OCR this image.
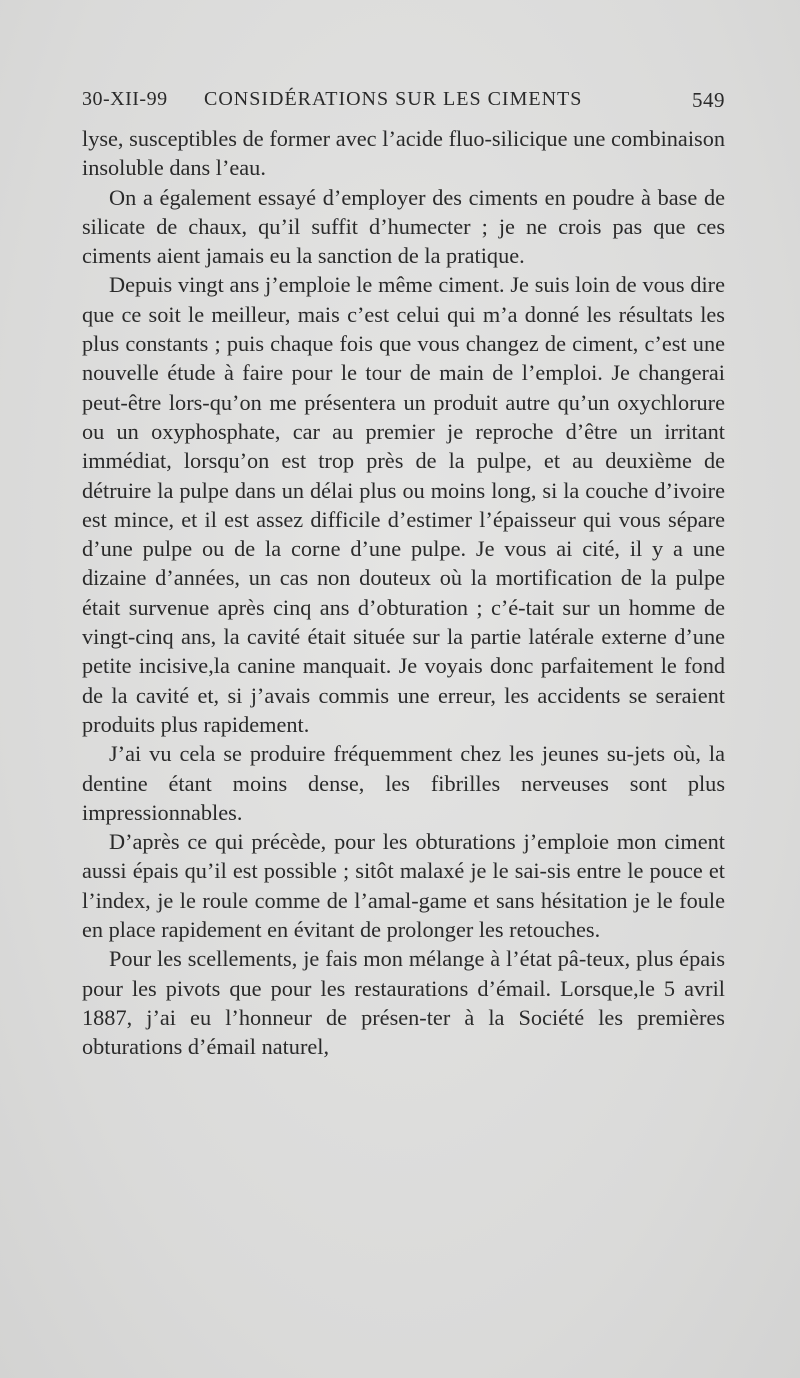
30-XII-99 CONSIDÉRATIONS SUR LES CIMENTS	549

lyse, susceptibles de former avec l’acide fluo-silicique une combinaison insoluble dans l’eau.

On a également essayé d’employer des ciments en poudre à base de silicate de chaux, qu’il suffit d’humecter ; je ne crois pas que ces ciments aient jamais eu la sanction de la pratique.

Depuis vingt ans j’emploie le même ciment. Je suis loin de vous dire que ce soit le meilleur, mais c’est celui qui m’a donné les résultats les plus constants ; puis chaque fois que vous changez de ciment, c’est une nouvelle étude à faire pour le tour de main de l’emploi. Je changerai peut-être lors-qu’on me présentera un produit autre qu’un oxychlorure ou un oxyphosphate, car au premier je reproche d’être un irritant immédiat, lorsqu’on est trop près de la pulpe, et au deuxième de détruire la pulpe dans un délai plus ou moins long, si la couche d’ivoire est mince, et il est assez difficile d’estimer l’épaisseur qui vous sépare d’une pulpe ou de la corne d’une pulpe. Je vous ai cité, il y a une dizaine d’années, un cas non douteux où la mortification de la pulpe était survenue après cinq ans d’obturation ; c’é-tait sur un homme de vingt-cinq ans, la cavité était située sur la partie latérale externe d’une petite incisive,la canine manquait. Je voyais donc parfaitement le fond de la cavité et, si j’avais commis une erreur, les accidents se seraient produits plus rapidement.

J’ai vu cela se produire fréquemment chez les jeunes su-jets où, la dentine étant moins dense, les fibrilles nerveuses sont plus impressionnables.

D’après ce qui précède, pour les obturations j’emploie mon ciment aussi épais qu’il est possible ; sitôt malaxé je le sai-sis entre le pouce et l’index, je le roule comme de l’amal-game et sans hésitation je le foule en place rapidement en évitant de prolonger les retouches.

Pour les scellements, je fais mon mélange à l’état pâ-teux, plus épais pour les pivots que pour les restaurations d’émail. Lorsque,le 5 avril 1887, j’ai eu l’honneur de présen-ter à la Société les premières obturations d’émail naturel,
